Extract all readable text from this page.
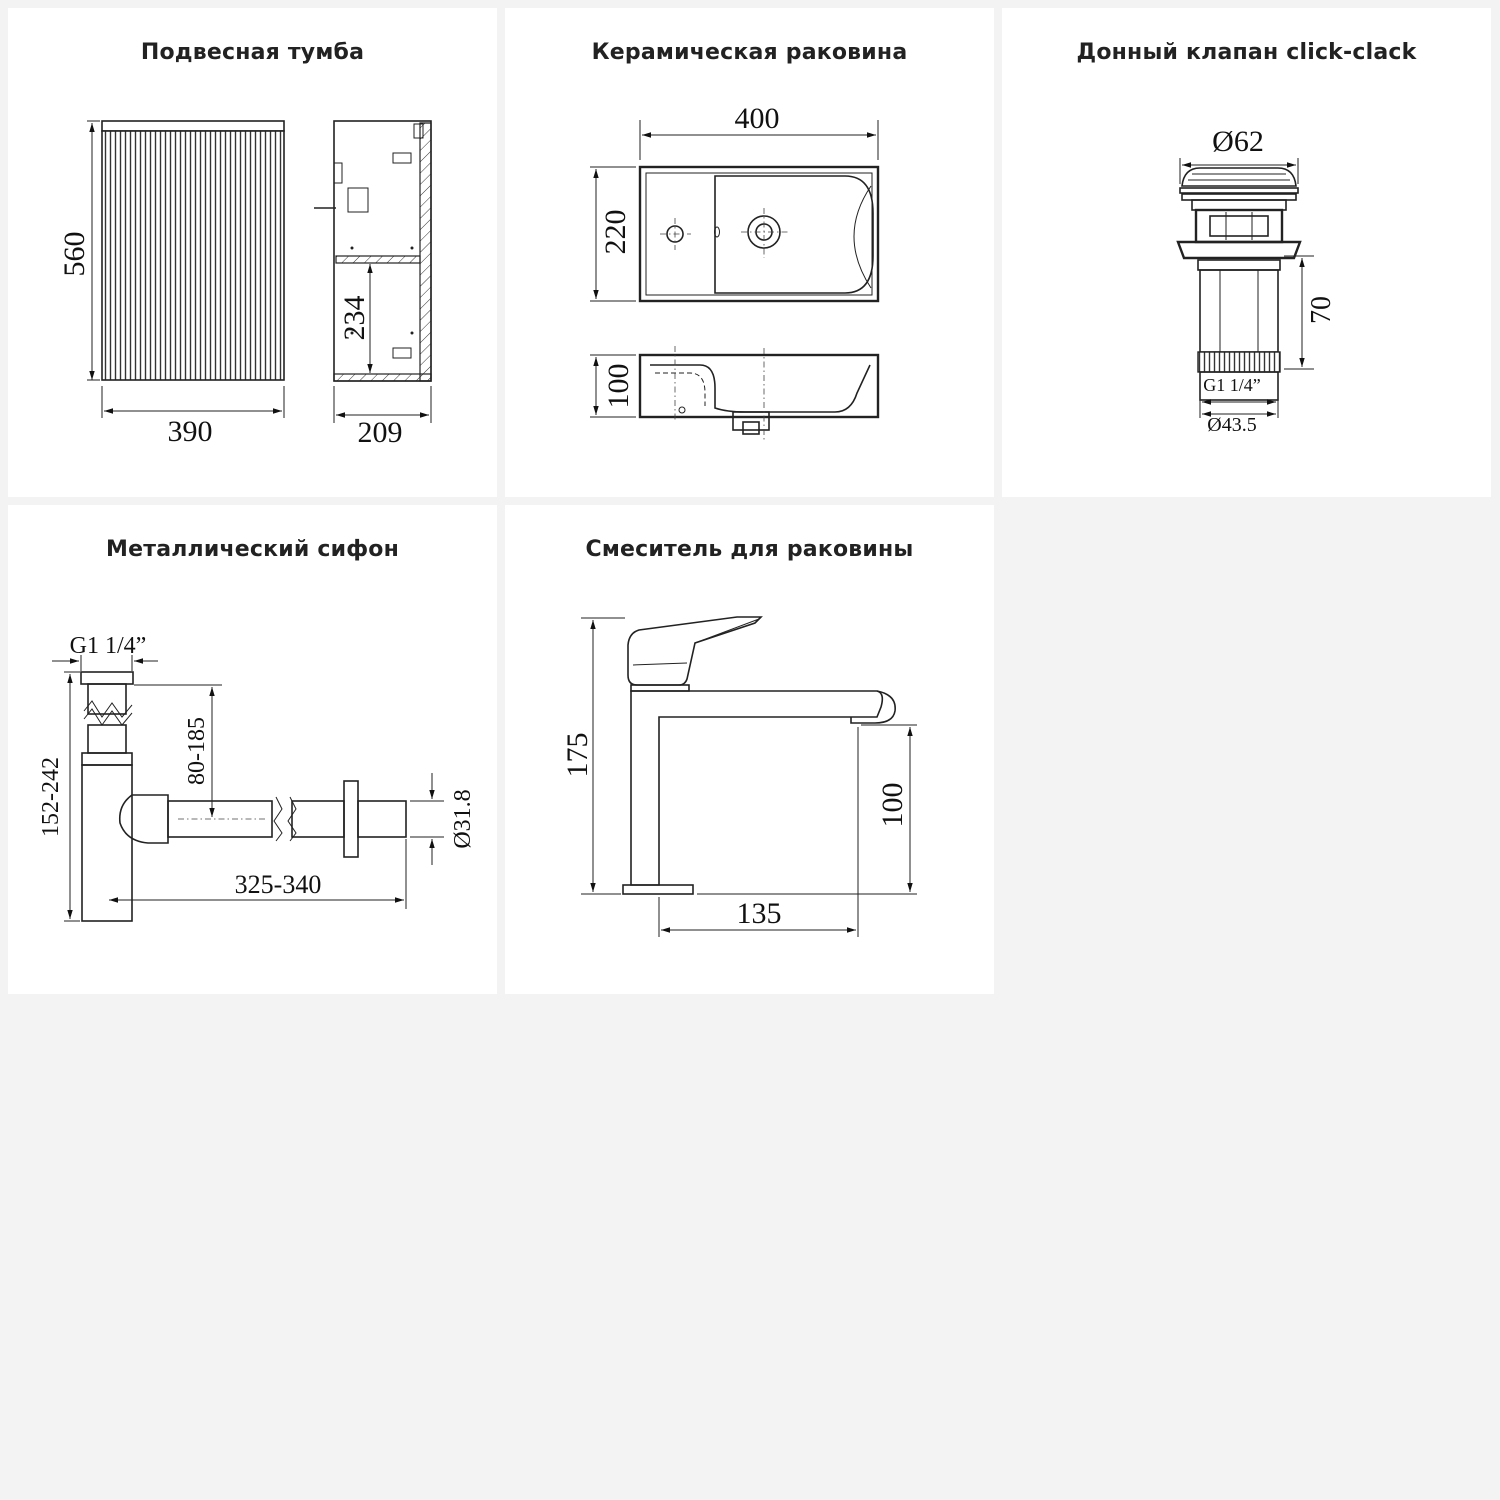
Подвесная тумба
560
390
234
209
Керамическая раковина
400
220
100
Донный клапан click-clack
Ø62
70
G1 1/4”
Ø43.5
Металлический сифон
G1 1/4”
152-242
80-185
Ø31.8
325-340
Смеситель для раковины
175
100
135
